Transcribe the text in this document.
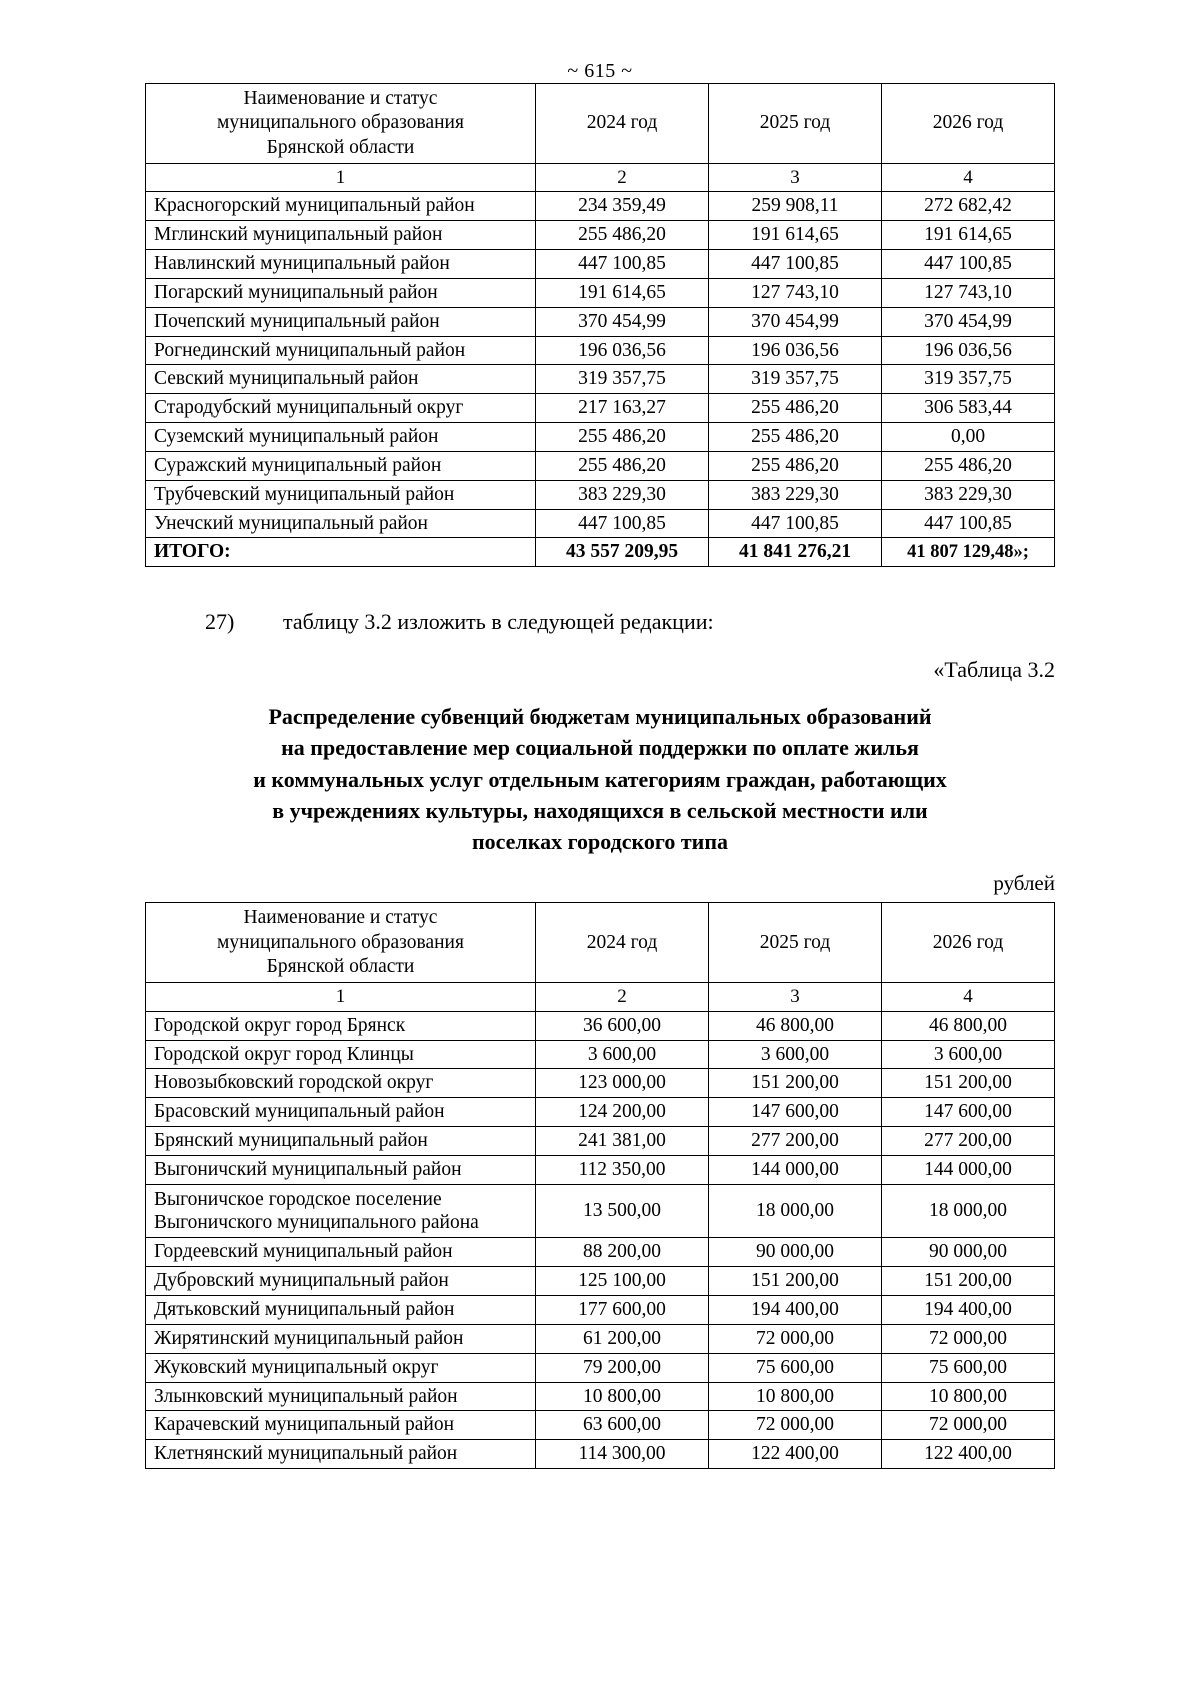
~ 615 ~
Наименование и статус
муниципального образования
Брянской области	2024 год	2025 год	2026 год
1	2	3	4
Красногорский муниципальный район	234 359,49	259 908,11	272 682,42
Мглинский муниципальный район	255 486,20	191 614,65	191 614,65
Навлинский муниципальный район	447 100,85	447 100,85	447 100,85
Погарский муниципальный район	191 614,65	127 743,10	127 743,10
Почепский муниципальный район	370 454,99	370 454,99	370 454,99
Рогнединский муниципальный район	196 036,56	196 036,56	196 036,56
Севский муниципальный район	319 357,75	319 357,75	319 357,75
Стародубский муниципальный округ	217 163,27	255 486,20	306 583,44
Суземский муниципальный район	255 486,20	255 486,20	0,00
Суражский муниципальный район	255 486,20	255 486,20	255 486,20
Трубчевский муниципальный район	383 229,30	383 229,30	383 229,30
Унечский муниципальный район	447 100,85	447 100,85	447 100,85
ИТОГО:	43 557 209,95	41 841 276,21	41 807 129,48»;
27) таблицу 3.2 изложить в следующей редакции:
«Таблица 3.2
Распределение субвенций бюджетам муниципальных образований
на предоставление мер социальной поддержки по оплате жилья
и коммунальных услуг отдельным категориям граждан, работающих
в учреждениях культуры, находящихся в сельской местности или
поселках городского типа
рублей
Наименование и статус
муниципального образования
Брянской области	2024 год	2025 год	2026 год
1	2	3	4
Городской округ город Брянск	36 600,00	46 800,00	46 800,00
Городской округ город Клинцы	3 600,00	3 600,00	3 600,00
Новозыбковский городской округ	123 000,00	151 200,00	151 200,00
Брасовский муниципальный район	124 200,00	147 600,00	147 600,00
Брянский муниципальный район	241 381,00	277 200,00	277 200,00
Выгоничский муниципальный район	112 350,00	144 000,00	144 000,00
Выгоничское городское поселение Выгоничского муниципального района	13 500,00	18 000,00	18 000,00
Гордеевский муниципальный район	88 200,00	90 000,00	90 000,00
Дубровский муниципальный район	125 100,00	151 200,00	151 200,00
Дятьковский муниципальный район	177 600,00	194 400,00	194 400,00
Жирятинский муниципальный район	61 200,00	72 000,00	72 000,00
Жуковский муниципальный округ	79 200,00	75 600,00	75 600,00
Злынковский муниципальный район	10 800,00	10 800,00	10 800,00
Карачевский муниципальный район	63 600,00	72 000,00	72 000,00
Клетнянский муниципальный район	114 300,00	122 400,00	122 400,00
